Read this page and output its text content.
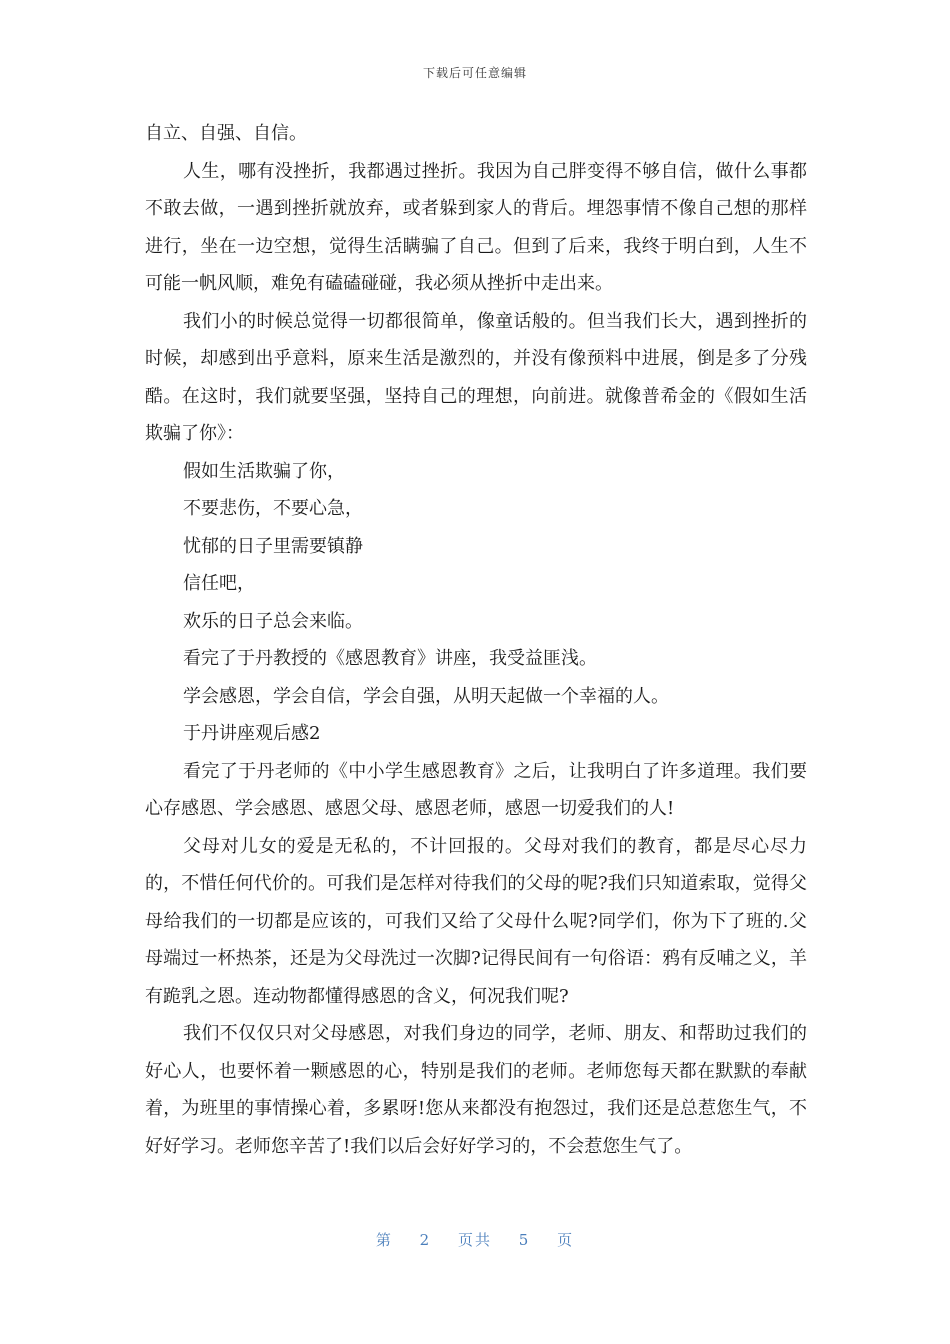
下载后可任意编辑

自立、自强、自信。

人生，哪有没挫折，我都遇过挫折。我因为自己胖变得不够自信，做什么事都不敢去做，一遇到挫折就放弃，或者躲到家人的背后。埋怨事情不像自己想的那样进行，坐在一边空想，觉得生活瞒骗了自己。但到了后来，我终于明白到，人生不可能一帆风顺，难免有磕磕碰碰，我必须从挫折中走出来。

我们小的时候总觉得一切都很简单，像童话般的。但当我们长大，遇到挫折的时候，却感到出乎意料，原来生活是激烈的，并没有像预料中进展，倒是多了分残酷。在这时，我们就要坚强，坚持自己的理想，向前进。就像普希金的《假如生活欺骗了你》：

假如生活欺骗了你，

不要悲伤，不要心急，

忧郁的日子里需要镇静

信任吧，

欢乐的日子总会来临。

看完了于丹教授的《感恩教育》讲座，我受益匪浅。

学会感恩，学会自信，学会自强，从明天起做一个幸福的人。

于丹讲座观后感2

看完了于丹老师的《中小学生感恩教育》之后，让我明白了许多道理。我们要心存感恩、学会感恩、感恩父母、感恩老师，感恩一切爱我们的人!

父母对儿女的爱是无私的，不计回报的。父母对我们的教育，都是尽心尽力的，不惜任何代价的。可我们是怎样对待我们的父母的呢?我们只知道索取，觉得父母给我们的一切都是应该的，可我们又给了父母什么呢?同学们，你为下了班的.父母端过一杯热茶，还是为父母洗过一次脚?记得民间有一句俗语：鸦有反哺之义，羊有跪乳之恩。连动物都懂得感恩的含义，何况我们呢?

我们不仅仅只对父母感恩，对我们身边的同学，老师、朋友、和帮助过我们的好心人，也要怀着一颗感恩的心，特别是我们的老师。老师您每天都在默默的奉献着，为班里的事情操心着，多累呀!您从来都没有抱怨过，我们还是总惹您生气，不好好学习。老师您辛苦了!我们以后会好好学习的，不会惹您生气了。

第 2 页共 5 页
